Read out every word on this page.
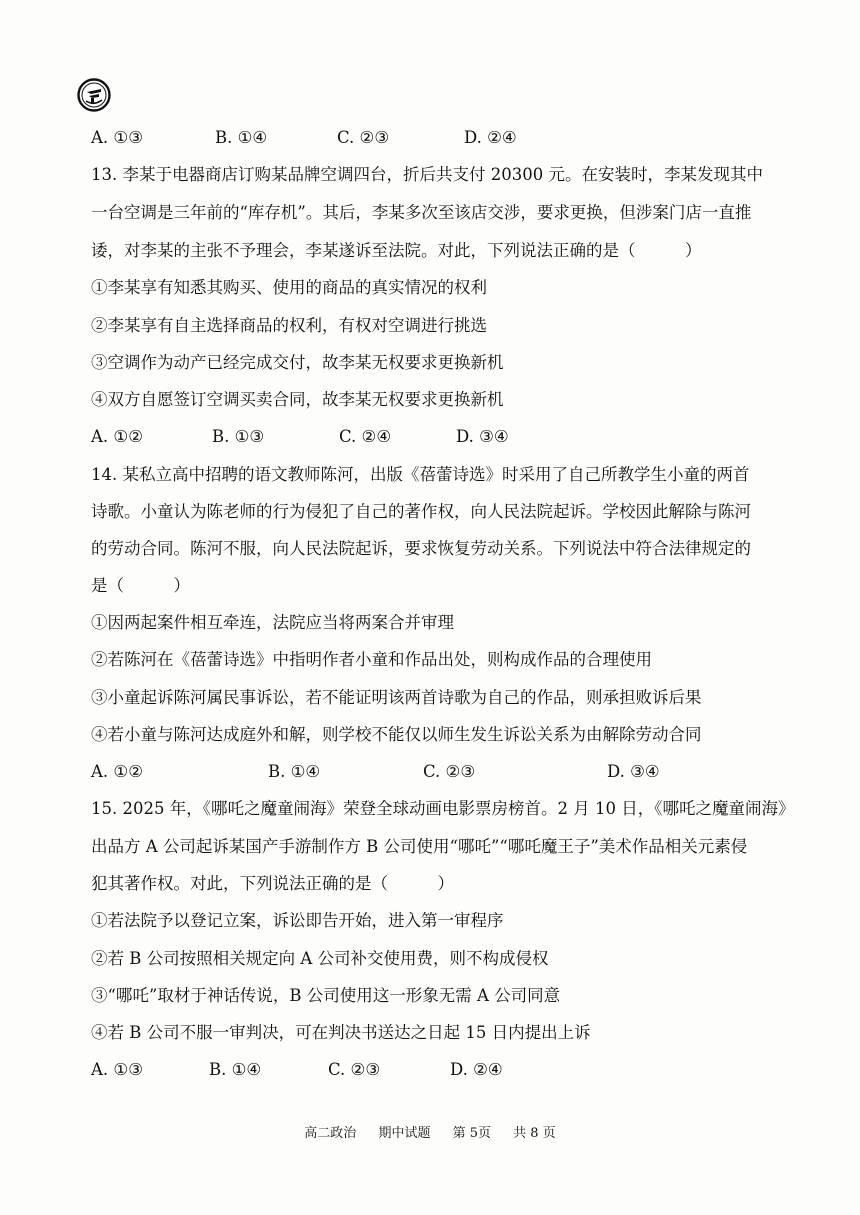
A. ①③	B. ①④	C. ②③	D. ②④
13. 李某于电器商店订购某品牌空调四台，折后共支付 20300 元。在安装时，李某发现其中
一台空调是三年前的“库存机”。其后，李某多次至该店交涉，要求更换，但涉案门店一直推
诿，对李某的主张不予理会，李某遂诉至法院。对此，下列说法正确的是（　　　）
①李某享有知悉其购买、使用的商品的真实情况的权利
②李某享有自主选择商品的权利，有权对空调进行挑选
③空调作为动产已经完成交付，故李某无权要求更换新机
④双方自愿签订空调买卖合同，故李某无权要求更换新机
A. ①②	B. ①③	C. ②④	D. ③④
14. 某私立高中招聘的语文教师陈河，出版《蓓蕾诗选》时采用了自己所教学生小童的两首
诗歌。小童认为陈老师的行为侵犯了自己的著作权，向人民法院起诉。学校因此解除与陈河
的劳动合同。陈河不服，向人民法院起诉，要求恢复劳动关系。下列说法中符合法律规定的
是（　　　）
①因两起案件相互牵连，法院应当将两案合并审理
②若陈河在《蓓蕾诗选》中指明作者小童和作品出处，则构成作品的合理使用
③小童起诉陈河属民事诉讼，若不能证明该两首诗歌为自己的作品，则承担败诉后果
④若小童与陈河达成庭外和解，则学校不能仅以师生发生诉讼关系为由解除劳动合同
A. ①②	B. ①④	C. ②③	D. ③④
15. 2025 年，《哪吒之魔童闹海》荣登全球动画电影票房榜首。2 月 10 日，《哪吒之魔童闹海》
出品方 A 公司起诉某国产手游制作方 B 公司使用“哪吒”“哪吒魔王子”美术作品相关元素侵
犯其著作权。对此，下列说法正确的是（　　　）
①若法院予以登记立案，诉讼即告开始，进入第一审程序
②若 B 公司按照相关规定向 A 公司补交使用费，则不构成侵权
③“哪吒”取材于神话传说，B 公司使用这一形象无需 A 公司同意
④若 B 公司不服一审判决，可在判决书送达之日起 15 日内提出上诉
A. ①③	B. ①④	C. ②③	D. ②④
高二政治 期中试题 第 5页 共 8 页
